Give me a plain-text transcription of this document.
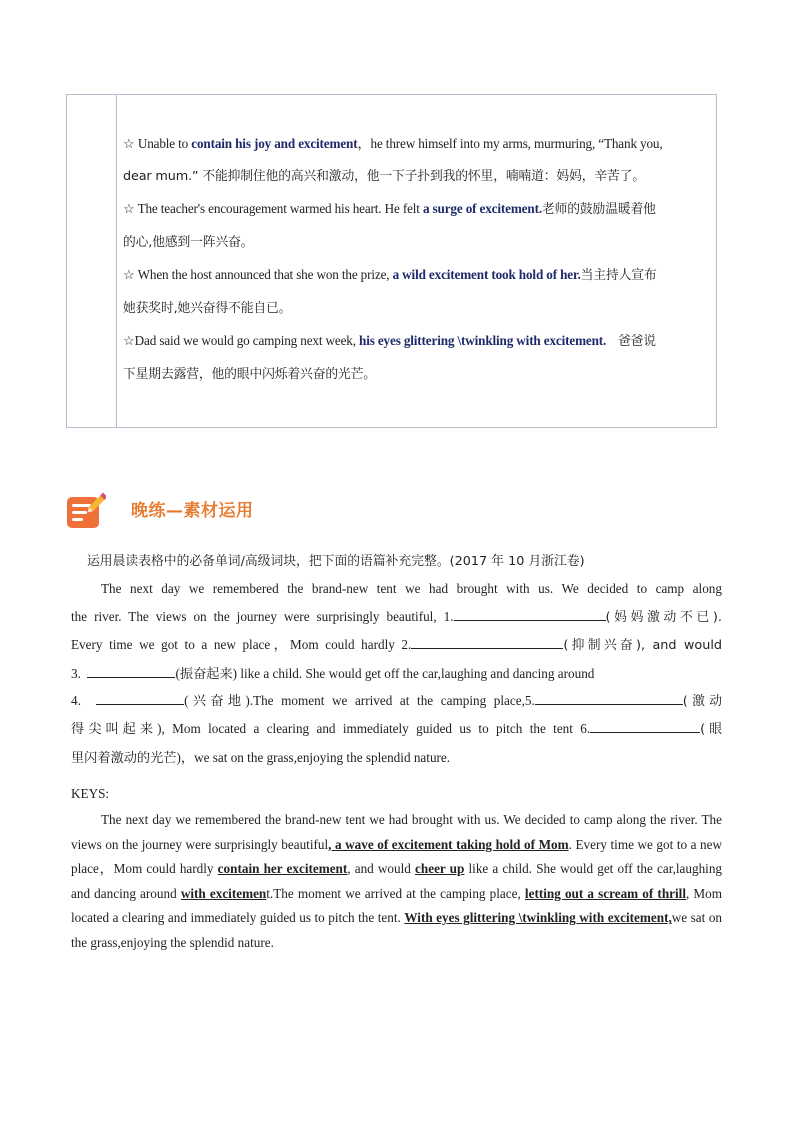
☆ Unable to contain his joy and excitement，he threw himself into my arms, murmuring, “Thank you,

dear mum.” 不能抑制住他的高兴和激动，他一下子扑到我的怀里，喃喃道：妈妈，辛苦了。

☆ The teacher's encouragement warmed his heart. He felt a surge of excitement.老师的鼓励温暖着他

的心,他感到一阵兴奋。

☆ When the host announced that she won the prize, a wild excitement took hold of her.当主持人宣布

她获奖时,她兴奋得不能自已。

☆Dad said we would go camping next week, his eyes glittering \twinkling with excitement.   爸爸说

下星期去露营，他的眼中闪烁着兴奋的光芒。

晚练—素材运用

运用晨读表格中的必备单词/高级词块，把下面的语篇补充完整。(2017 年 10 月浙江卷)

The next day we remembered the brand-new tent we had brought with us. We decided to camp along

the river. The views on the journey were surprisingly beautiful, 1.	(妈妈激动不已).

Every time we got to a new place，Mom could hardly 2.	(抑制兴奋), and would

3.	(振奋起来) like a child. She would get off the car,laughing and dancing around

4.	(兴奋地).The moment we arrived at the camping place,5.	(激动

得尖叫起来), Mom located a clearing and immediately guided us to pitch the tent 6.	(眼

里闪着激动的光芒)，we sat on the grass,enjoying the splendid nature.

KEYS:

The next day we remembered the brand-new tent we had brought with us. We decided to camp along the river. The views on the journey were surprisingly beautiful, a wave of excitement taking hold of Mom. Every time we got to a new place，Mom could hardly contain her excitement, and would cheer up like a child. She would get off the car,laughing and dancing around with excitement.The moment we arrived at the camping place, letting out a scream of thrill, Mom located a clearing and immediately guided us to pitch the tent. With eyes glittering \twinkling with excitement,we sat on the grass,enjoying the splendid nature.
